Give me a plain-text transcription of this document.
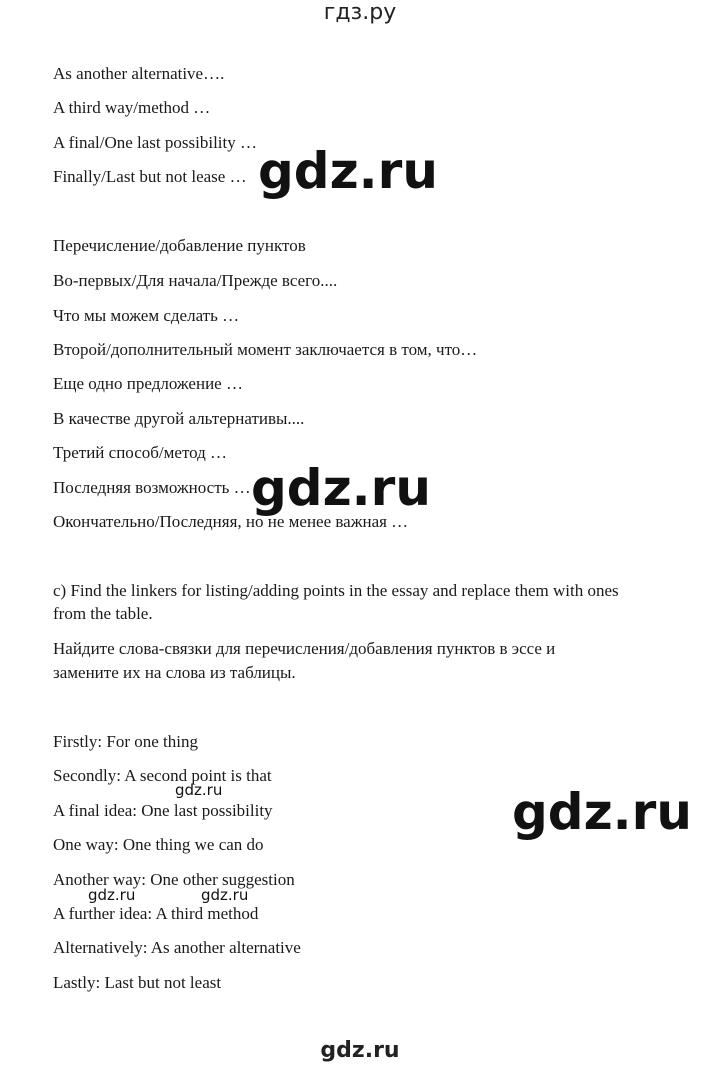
гдз.ру
As another alternative….
A third way/method …
A final/One last possibility …
Finally/Last but not lease …
Перечисление/добавление пунктов
Во-первых/Для начала/Прежде всего....
Что мы можем сделать …
Второй/дополнительный момент заключается в том, что…
Еще одно предложение …
В качестве другой альтернативы....
Третий способ/метод …
Последняя возможность …
Окончательно/Последняя, но не менее важная …
c) Find the linkers for listing/adding points in the essay and replace them with ones
from the table.
Найдите слова-связки для перечисления/добавления пунктов в эссе и
замените их на слова из таблицы.
Firstly: For one thing
Secondly: A second point is that
A final idea: One last possibility
One way: One thing we can do
Another way: One other suggestion
A further idea: A third method
Alternatively: As another alternative
Lastly: Last but not least
gdz.ru
gdz.ru
gdz.ru
gdz.ru
gdz.ru	gdz.ru
gdz.ru
